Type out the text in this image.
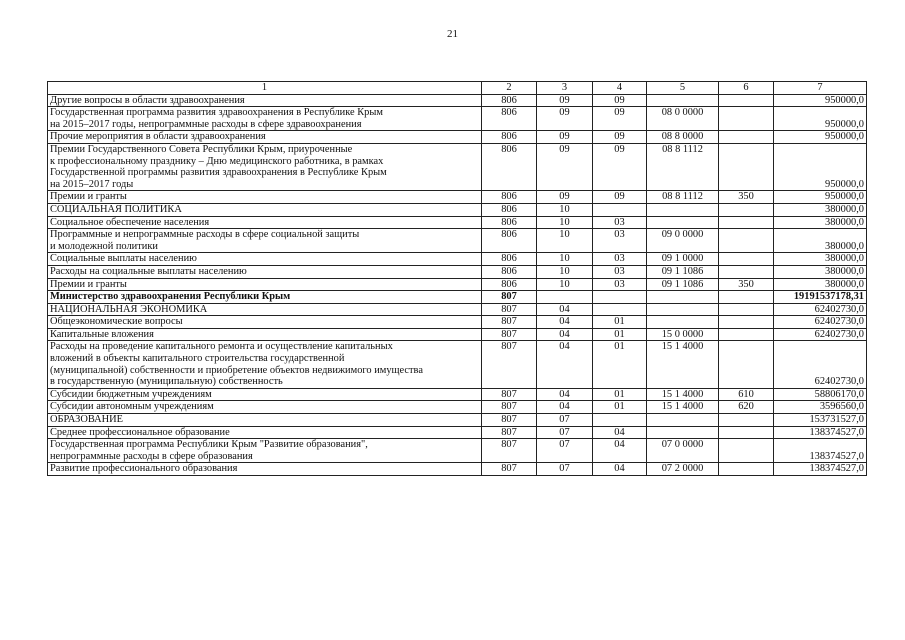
21
1	2	3	4	5	6	7
Другие вопросы в области здравоохранения	806	09	09			950000,0
Государственная программа развития здравоохранения в Республике Крым
на 2015–2017 годы, непрограммные расходы в сфере здравоохранения	806	09	09	08 0 0000		950000,0
Прочие мероприятия в области здравоохранения	806	09	09	08 8 0000		950000,0
Премии Государственного Совета Республики Крым, приуроченные
к профессиональному празднику – Дню медицинского работника, в рамках
Государственной программы развития здравоохранения в Республике Крым
на 2015–2017 годы	806	09	09	08 8 1112		950000,0
Премии и гранты	806	09	09	08 8 1112	350	950000,0
СОЦИАЛЬНАЯ ПОЛИТИКА	806	10				380000,0
Социальное обеспечение населения	806	10	03			380000,0
Программные и непрограммные расходы в сфере социальной защиты
и молодежной политики	806	10	03	09 0 0000		380000,0
Социальные выплаты населению	806	10	03	09 1 0000		380000,0
Расходы на социальные выплаты населению	806	10	03	09 1 1086		380000,0
Премии и гранты	806	10	03	09 1 1086	350	380000,0
Министерство здравоохранения Республики Крым	807					19191537178,31
НАЦИОНАЛЬНАЯ ЭКОНОМИКА	807	04				62402730,0
Общеэкономические вопросы	807	04	01			62402730,0
Капитальные вложения	807	04	01	15 0 0000		62402730,0
Расходы на проведение капитального ремонта и осуществление капитальных
вложений в объекты капитального строительства государственной
(муниципальной) собственности и приобретение объектов недвижимого имущества
в государственную (муниципальную) собственность	807	04	01	15 1 4000		62402730,0
Субсидии бюджетным учреждениям	807	04	01	15 1 4000	610	58806170,0
Субсидии автономным учреждениям	807	04	01	15 1 4000	620	3596560,0
ОБРАЗОВАНИЕ	807	07				153731527,0
Среднее профессиональное образование	807	07	04			138374527,0
Государственная программа Республики Крым "Развитие образования",
непрограммные расходы в сфере образования	807	07	04	07 0 0000		138374527,0
Развитие профессионального образования	807	07	04	07 2 0000		138374527,0
